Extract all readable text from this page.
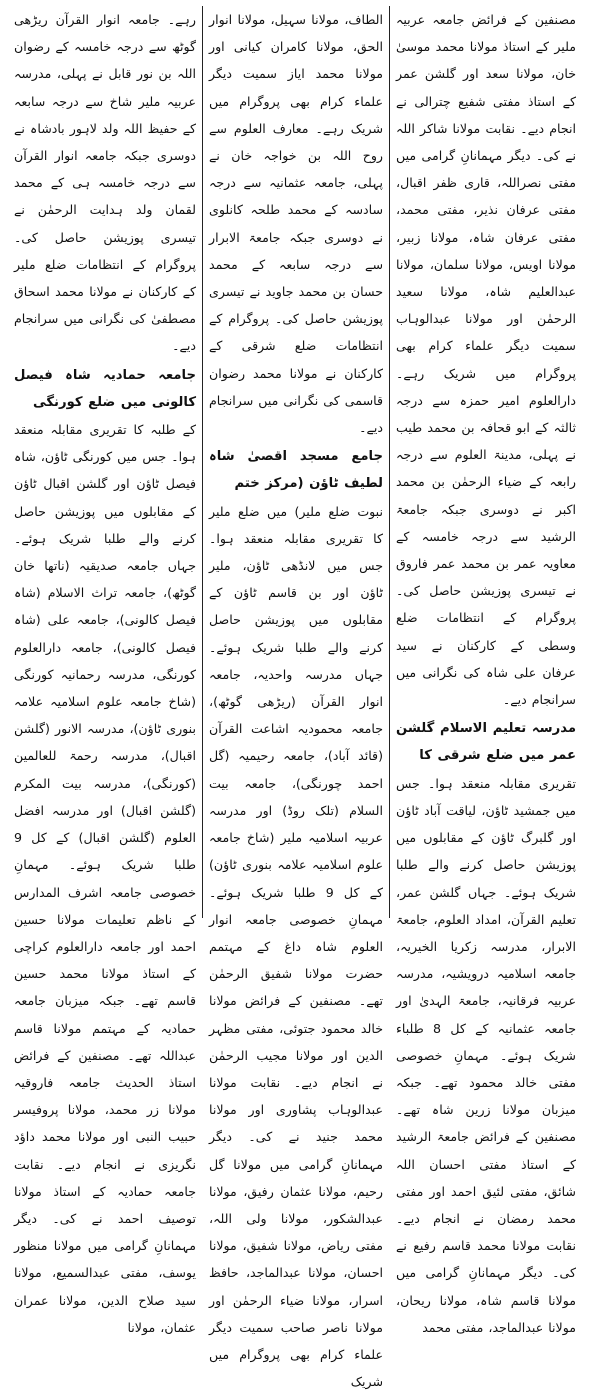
مصنفین کے فرائض جامعہ عربیہ ملیر کے استاذ مولانا محمد موسیٰ خان، مولانا سعد اور گلشن عمر کے استاذ مفتی شفیع چترالی نے انجام دیے۔ نقابت مولانا شاکر اللہ نے کی۔ دیگر مہمانانِ گرامی میں مفتی نصراللہ، قاری ظفر اقبال، مفتی عرفان نذیر، مفتی محمد، مفتی عرفان شاہ، مولانا زبیر، مولانا اویس، مولانا سلمان، مولانا عبدالعلیم شاہ، مولانا سعید الرحمٰن اور مولانا عبدالوہاب سمیت دیگر علماء کرام بھی پروگرام میں شریک رہے۔ دارالعلوم امیر حمزہ سے درجہ ثالثہ کے ابو قحافہ بن محمد طیب نے پہلی، مدینۃ العلوم سے درجہ رابعہ کے ضیاء الرحمٰن بن محمد اکبر نے دوسری جبکہ جامعۃ الرشید سے درجہ خامسہ کے معاویہ عمر بن محمد عمر فاروق نے تیسری پوزیشن حاصل کی۔ پروگرام کے انتظامات ضلع وسطی کے کارکنان نے سید عرفان علی شاہ کی نگرانی میں سرانجام دیے۔

مدرسہ تعلیم الاسلام گلشن عمر میں ضلع شرقی کا

تقریری مقابلہ منعقد ہوا۔ جس میں جمشید ٹاؤن، لیاقت آباد ٹاؤن اور گلبرگ ٹاؤن کے مقابلوں میں پوزیشن حاصل کرنے والے طلبا شریک ہوئے۔ جہاں گلشن عمر، تعلیم القرآن، امداد العلوم، جامعۃ الابرار، مدرسہ زکریا الخیریہ، جامعہ اسلامیہ درویشیہ، مدرسہ عربیہ فرقانیہ، جامعۃ الہدیٰ اور جامعہ عثمانیہ کے کل 8 طلباء شریک ہوئے۔ مہمانِ خصوصی مفتی خالد محمود تھے۔ جبکہ میزبان مولانا زرین شاہ تھے۔ مصنفین کے فرائض جامعۃ الرشید کے استاذ مفتی احسان اللہ شائق، مفتی لئیق احمد اور مفتی محمد رمضان نے انجام دیے۔ نقابت مولانا محمد قاسم رفیع نے کی۔ دیگر مہمانانِ گرامی میں مولانا قاسم شاہ، مولانا ریحان، مولانا عبدالماجد، مفتی محمد

الطاف، مولانا سہیل، مولانا انوار الحق، مولانا کامران کیانی اور مولانا محمد ایاز سمیت دیگر علماء کرام بھی پروگرام میں شریک رہے۔ معارف العلوم سے روح اللہ بن خواجہ خان نے پہلی، جامعہ عثمانیہ سے درجہ سادسہ کے محمد طلحہ کانلوی نے دوسری جبکہ جامعۃ الابرار سے درجہ سابعہ کے محمد حسان بن محمد جاوید نے تیسری پوزیشن حاصل کی۔ پروگرام کے انتظامات ضلع شرقی کے کارکنان نے مولانا محمد رضوان قاسمی کی نگرانی میں سرانجام دیے۔

جامع مسجد اقصیٰ شاہ لطیف ٹاؤن (مرکز ختم

نبوت ضلع ملیر) میں ضلع ملیر کا تقریری مقابلہ منعقد ہوا۔ جس میں لانڈھی ٹاؤن، ملیر ٹاؤن اور بن قاسم ٹاؤن کے مقابلوں میں پوزیشن حاصل کرنے والے طلبا شریک ہوئے۔ جہاں مدرسہ واحدیہ، جامعہ انوار القرآن (ریڑھی گوٹھ)، جامعہ محمودیہ اشاعت القرآن (قائد آباد)، جامعہ رحیمیہ (گل احمد چورنگی)، جامعہ بیت السلام (تلک روڈ) اور مدرسہ عربیہ اسلامیہ ملیر (شاخ جامعہ علوم اسلامیہ علامہ بنوری ٹاؤن) کے کل 9 طلبا شریک ہوئے۔ مہمانِ خصوصی جامعہ انوار العلوم شاہ داغ کے مہتمم حضرت مولانا شفیق الرحمٰن تھے۔ مصنفین کے فرائض مولانا خالد محمود جتوئی، مفتی مظہر الدین اور مولانا مجیب الرحمٰن نے انجام دیے۔ نقابت مولانا عبدالوہاب پشاوری اور مولانا محمد جنید نے کی۔ دیگر مہمانانِ گرامی میں مولانا گل رحیم، مولانا عثمان رفیق، مولانا عبدالشکور، مولانا ولی اللہ، مفتی ریاض، مولانا شفیق، مولانا احسان، مولانا عبدالماجد، حافظ اسرار، مولانا ضیاء الرحمٰن اور مولانا ناصر صاحب سمیت دیگر علماء کرام بھی پروگرام میں شریک

رہے۔ جامعہ انوار القرآن ریڑھی گوٹھ سے درجہ خامسہ کے رضوان اللہ بن نور قابل نے پہلی، مدرسہ عربیہ ملیر شاخ سے درجہ سابعہ کے حفیظ اللہ ولد لاہور بادشاہ نے دوسری جبکہ جامعہ انوار القرآن سے درجہ خامسہ ہی کے محمد لقمان ولد ہدایت الرحمٰن نے تیسری پوزیشن حاصل کی۔ پروگرام کے انتظامات ضلع ملیر کے کارکنان نے مولانا محمد اسحاق مصطفیٰ کی نگرانی میں سرانجام دیے۔

جامعہ حمادیہ شاہ فیصل کالونی میں ضلع کورنگی

کے طلبہ کا تقریری مقابلہ منعقد ہوا۔ جس میں کورنگی ٹاؤن، شاہ فیصل ٹاؤن اور گلشن اقبال ٹاؤن کے مقابلوں میں پوزیشن حاصل کرنے والے طلبا شریک ہوئے۔ جہاں جامعہ صدیقیہ (ناتھا خان گوٹھ)، جامعہ تراث الاسلام (شاہ فیصل کالونی)، جامعہ علی (شاہ فیصل کالونی)، جامعہ دارالعلوم کورنگی، مدرسہ رحمانیہ کورنگی (شاخ جامعہ علوم اسلامیہ علامہ بنوری ٹاؤن)، مدرسہ الانور (گلشن اقبال)، مدرسہ رحمۃ للعالمین (کورنگی)، مدرسہ بیت المکرم (گلشن اقبال) اور مدرسہ افضل العلوم (گلشن اقبال) کے کل 9 طلبا شریک ہوئے۔ مہمانِ خصوصی جامعہ اشرف المدارس کے ناظم تعلیمات مولانا حسین احمد اور جامعہ دارالعلوم کراچی کے استاذ مولانا محمد حسین قاسم تھے۔ جبکہ میزبان جامعہ حمادیہ کے مہتمم مولانا قاسم عبداللہ تھے۔ مصنفین کے فرائض استاذ الحدیث جامعہ فاروقیہ مولانا زر محمد، مولانا پروفیسر حبیب النبی اور مولانا محمد داؤد نگریزی نے انجام دیے۔ نقابت جامعہ حمادیہ کے استاذ مولانا توصیف احمد نے کی۔ دیگر مہمانانِ گرامی میں مولانا منظور یوسف، مفتی عبدالسمیع، مولانا سید صلاح الدین، مولانا عمران عثمان، مولانا
